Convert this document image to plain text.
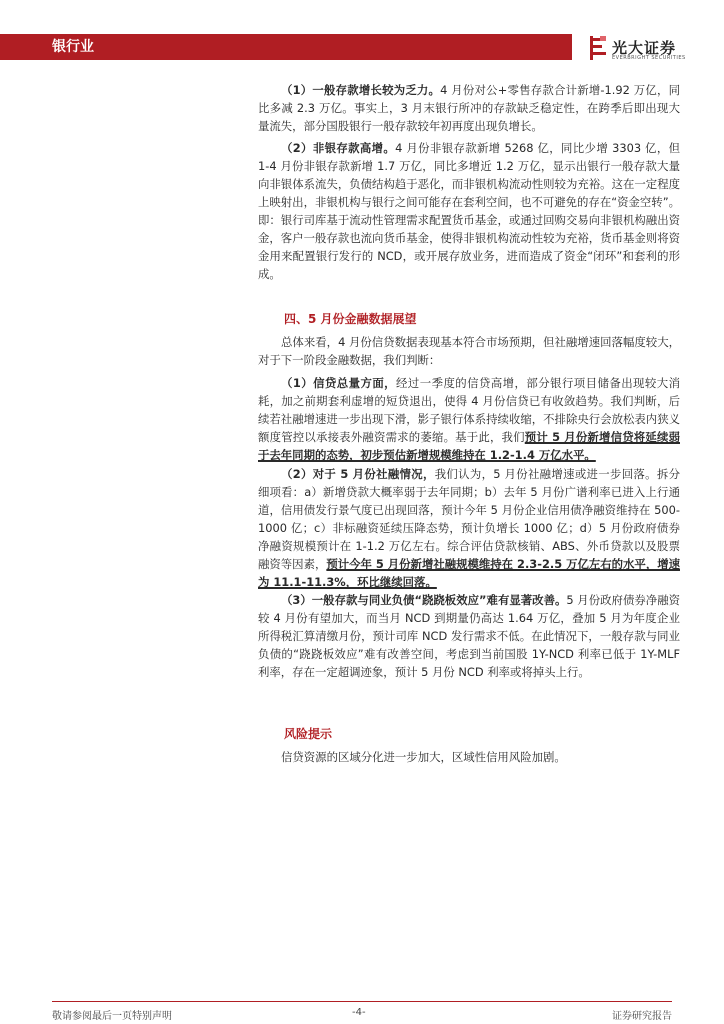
银行业	光大证券
EVERBRIGHT SECURITIES

（1）一般存款增长较为乏力。4 月份对公+零售存款合计新增-1.92 万亿，同比多减 2.3 万亿。事实上，3 月末银行所冲的存款缺乏稳定性，在跨季后即出现大量流失，部分国股银行一般存款较年初再度出现负增长。

（2）非银存款高增。4 月份非银存款新增 5268 亿，同比少增 3303 亿，但 1-4 月份非银存款新增 1.7 万亿，同比多增近 1.2 万亿，显示出银行一般存款大量向非银体系流失，负债结构趋于恶化，而非银机构流动性则较为充裕。这在一定程度上映射出，非银机构与银行之间可能存在套利空间，也不可避免的存在“资金空转”。即：银行司库基于流动性管理需求配置货币基金，或通过回购交易向非银机构融出资金，客户一般存款也流向货币基金，使得非银机构流动性较为充裕，货币基金则将资金用来配置银行发行的 NCD，或开展存放业务，进而造成了资金“闭环”和套利的形成。

四、5 月份金融数据展望

总体来看，4 月份信贷数据表现基本符合市场预期，但社融增速回落幅度较大，对于下一阶段金融数据，我们判断：

（1）信贷总量方面，经过一季度的信贷高增，部分银行项目储备出现较大消耗，加之前期套利虚增的短贷退出，使得 4 月份信贷已有收敛趋势。我们判断，后续若社融增速进一步出现下滑，影子银行体系持续收缩，不排除央行会放松表内狭义额度管控以承接表外融资需求的萎缩。基于此，我们预计 5 月份新增信贷将延续弱于去年同期的态势，初步预估新增规模维持在 1.2-1.4 万亿水平。

（2）对于 5 月份社融情况，我们认为，5 月份社融增速或进一步回落。拆分细项看：a）新增贷款大概率弱于去年同期；b）去年 5 月份广谱利率已进入上行通道，信用债发行景气度已出现回落，预计今年 5 月份企业信用债净融资维持在 500-1000 亿；c）非标融资延续压降态势，预计负增长 1000 亿；d）5 月份政府债券净融资规模预计在 1-1.2 万亿左右。综合评估贷款核销、ABS、外币贷款以及股票融资等因素，预计今年 5 月份新增社融规模维持在 2.3-2.5 万亿左右的水平，增速为 11.1-11.3%，环比继续回落。

（3）一般存款与同业负债“跷跷板效应”难有显著改善。5 月份政府债券净融资较 4 月份有望加大，而当月 NCD 到期量仍高达 1.64 万亿，叠加 5 月为年度企业所得税汇算清缴月份，预计司库 NCD 发行需求不低。在此情况下，一般存款与同业负债的“跷跷板效应”难有改善空间，考虑到当前国股 1Y-NCD 利率已低于 1Y-MLF 利率，存在一定超调迹象，预计 5 月份 NCD 利率或将掉头上行。

风险提示

信贷资源的区域分化进一步加大，区域性信用风险加剧。

敬请参阅最后一页特别声明	-4-	证券研究报告
